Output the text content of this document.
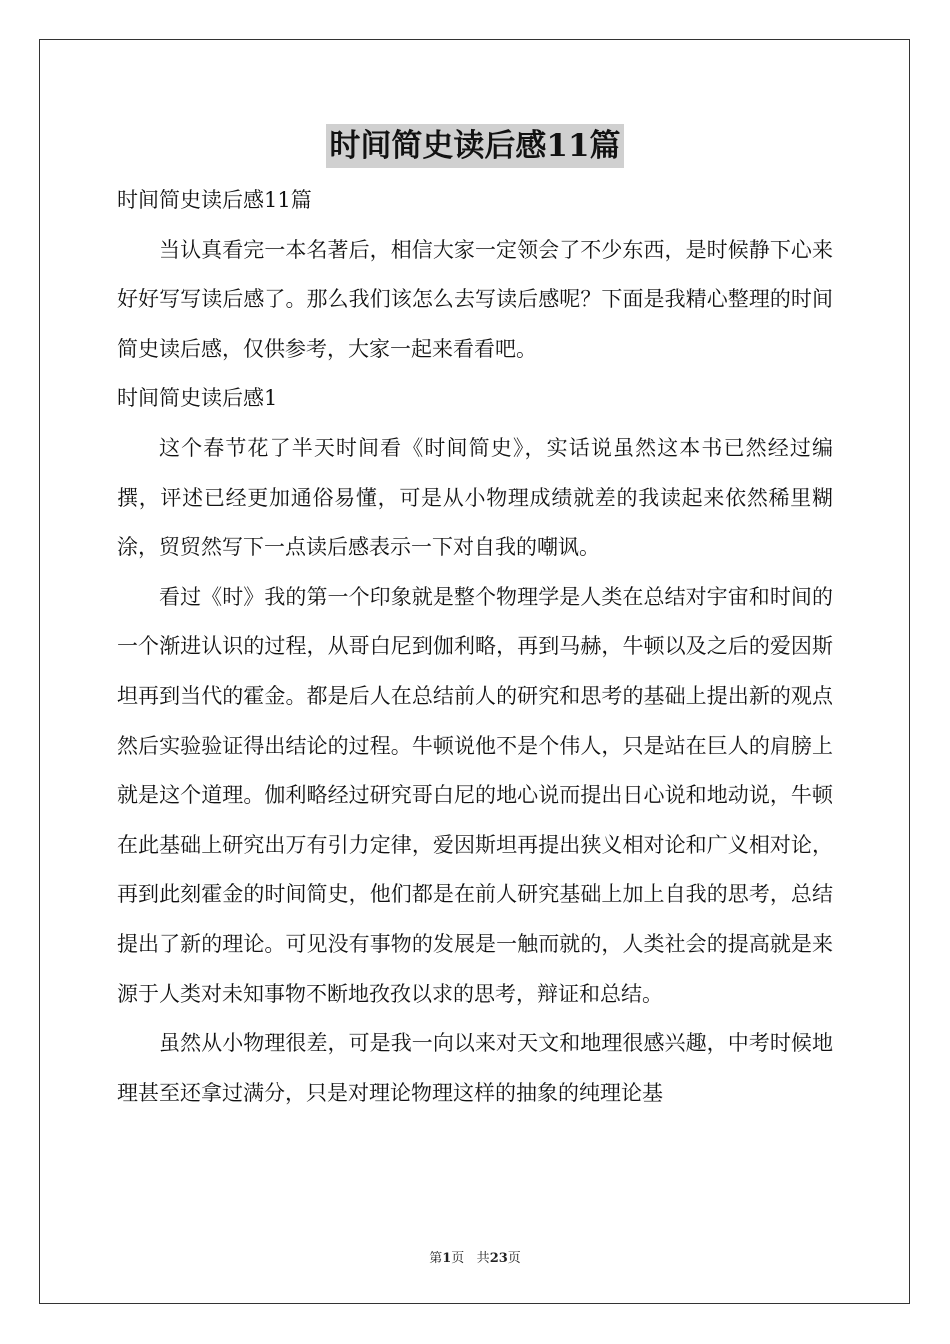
时间简史读后感11篇
时间简史读后感11篇

当认真看完一本名著后，相信大家一定领会了不少东西，是时候静下心来好好写写读后感了。那么我们该怎么去写读后感呢？下面是我精心整理的时间简史读后感，仅供参考，大家一起来看看吧。

时间简史读后感1

这个春节花了半天时间看《时间简史》，实话说虽然这本书已然经过编撰，评述已经更加通俗易懂，可是从小物理成绩就差的我读起来依然稀里糊涂，贸贸然写下一点读后感表示一下对自我的嘲讽。

看过《时》我的第一个印象就是整个物理学是人类在总结对宇宙和时间的一个渐进认识的过程，从哥白尼到伽利略，再到马赫，牛顿以及之后的爱因斯坦再到当代的霍金。都是后人在总结前人的研究和思考的基础上提出新的观点然后实验验证得出结论的过程。牛顿说他不是个伟人，只是站在巨人的肩膀上就是这个道理。伽利略经过研究哥白尼的地心说而提出日心说和地动说，牛顿在此基础上研究出万有引力定律，爱因斯坦再提出狭义相对论和广义相对论，再到此刻霍金的时间简史，他们都是在前人研究基础上加上自我的思考，总结提出了新的理论。可见没有事物的发展是一触而就的，人类社会的提高就是来源于人类对未知事物不断地孜孜以求的思考，辩证和总结。

虽然从小物理很差，可是我一向以来对天文和地理很感兴趣，中考时候地理甚至还拿过满分，只是对理论物理这样的抽象的纯理论基

第1页 共23页
